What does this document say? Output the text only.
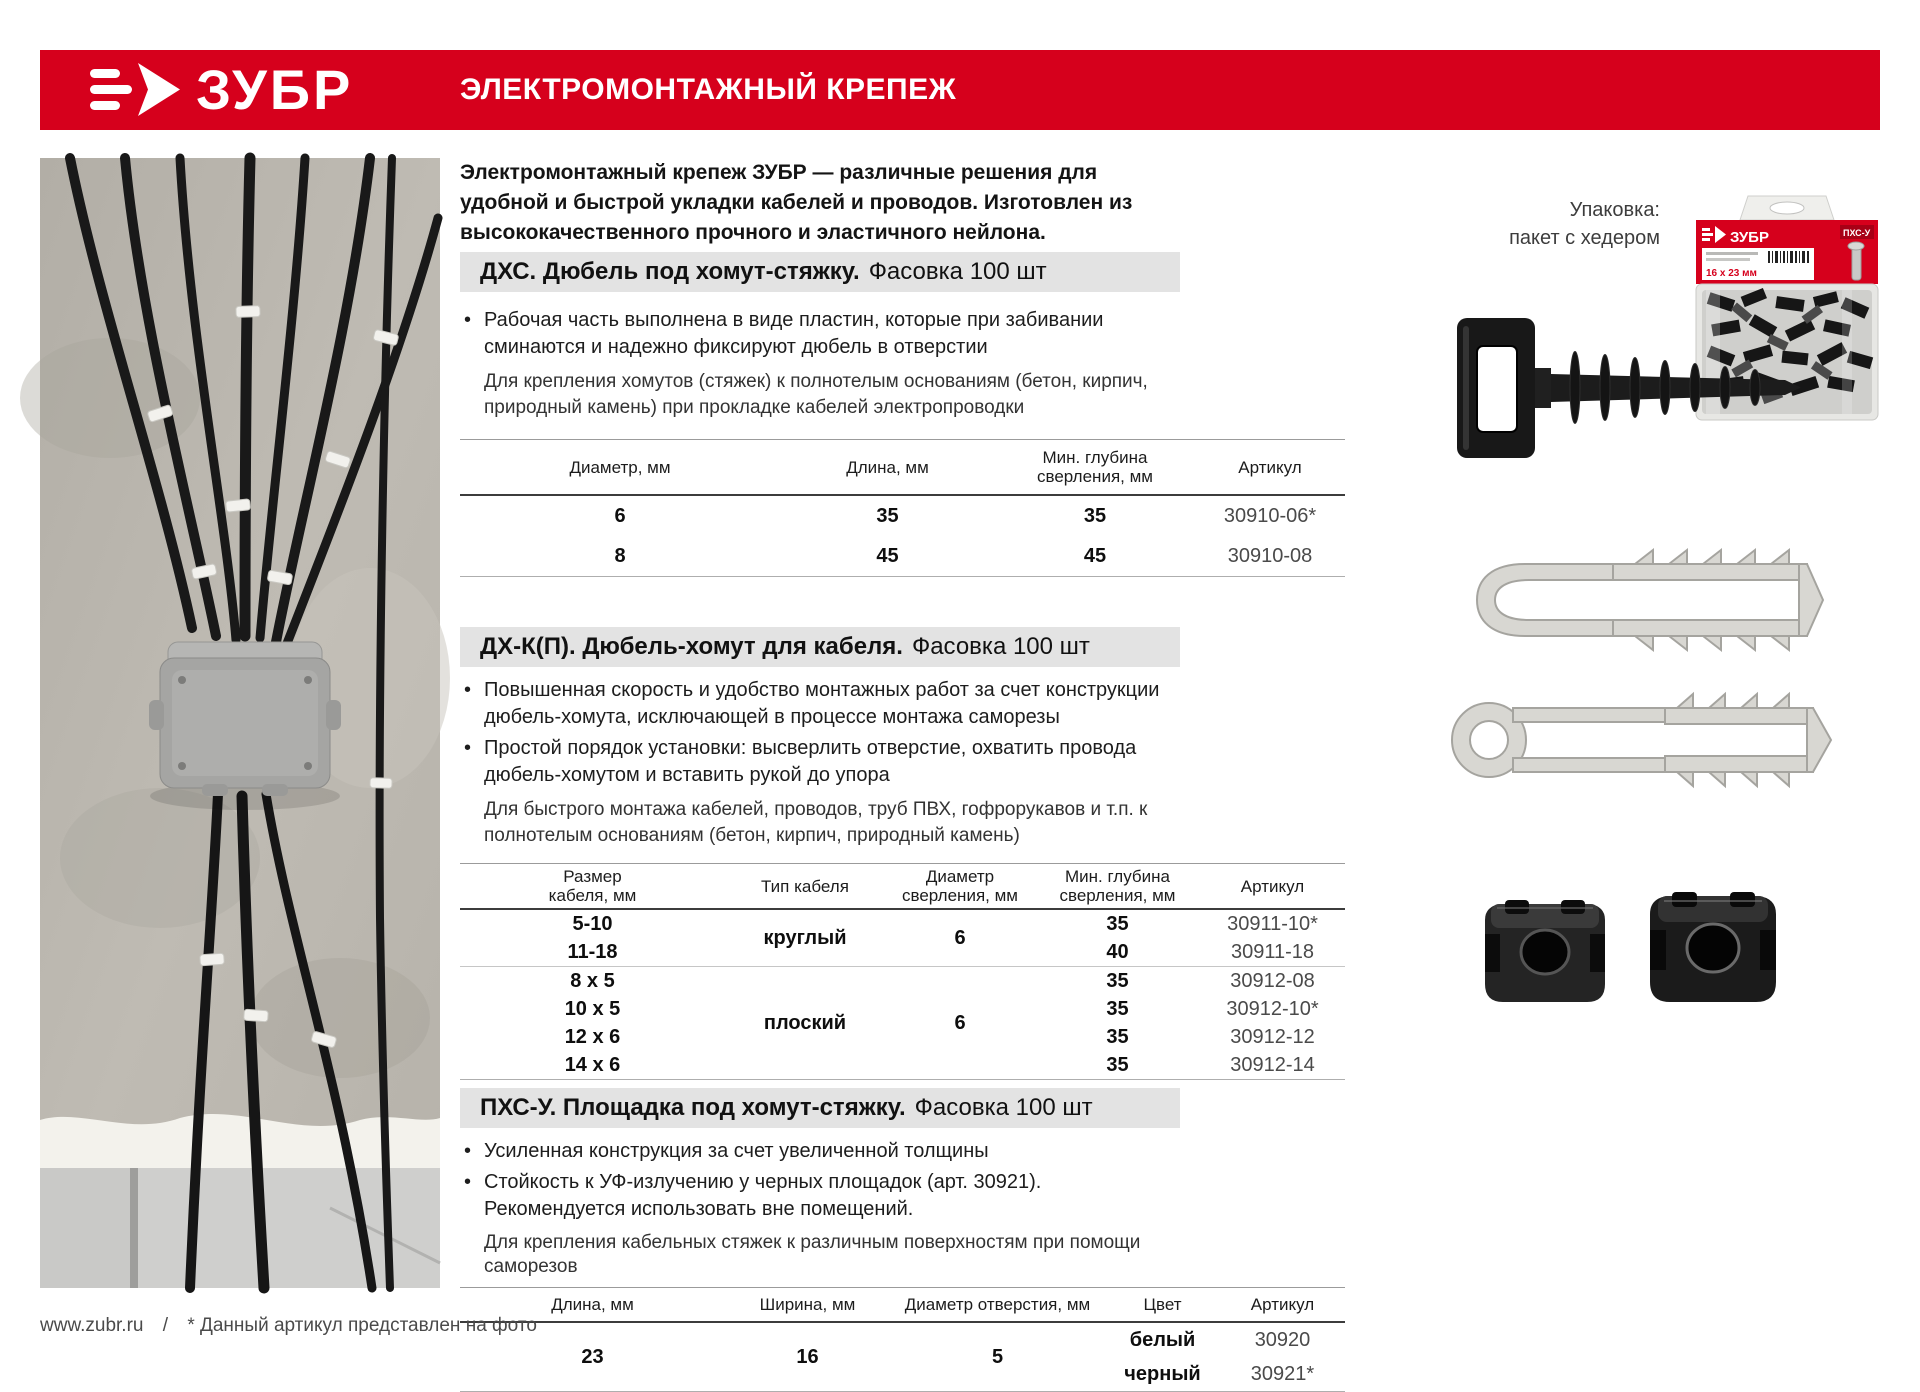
ЗУБР	ЭЛЕКТРОМОНТАЖНЫЙ КРЕПЕЖ
Электромонтажный крепеж ЗУБР — различные решения для удобной и быстрой укладки кабелей и проводов. Изготовлен из высококачественного прочного и эластичного нейлона.
ДХС. Дюбель под хомут-стяжку. Фасовка 100 шт
• Рабочая часть выполнена в виде пластин, которые при забивании сминаются и надежно фиксируют дюбель в отверстии
Для крепления хомутов (стяжек) к полнотелым основаниям (бетон, кирпич, природный камень) при прокладке кабелей электропроводки
Диаметр, мм	Длина, мм	Мин. глубина сверления, мм	Артикул
6	35	35	30910-06*
8	45	45	30910-08
ДХ-К(П). Дюбель-хомут для кабеля. Фасовка 100 шт
• Повышенная скорость и удобство монтажных работ за счет конструкции дюбель-хомута, исключающей в процессе монтажа саморезы
• Простой порядок установки: высверлить отверстие, охватить провода дюбель-хомутом и вставить рукой до упора
Для быстрого монтажа кабелей, проводов, труб ПВХ, гофрорукавов и т.п. к полнотелым основаниям (бетон, кирпич, природный камень)
Размер кабеля, мм	Тип кабеля	Диаметр сверления, мм	Мин. глубина сверления, мм	Артикул
5-10	круглый	6	35	30911-10*
11-18			40	30911-18
8 x 5	плоский	6	35	30912-08
10 x 5			35	30912-10*
12 x 6			35	30912-12
14 x 6			35	30912-14
ПХС-У. Площадка под хомут-стяжку. Фасовка 100 шт
• Усиленная конструкция за счет увеличенной толщины
• Стойкость к УФ-излучению у черных площадок (арт. 30921). Рекомендуется использовать вне помещений.
Для крепления кабельных стяжек к различным поверхностям при помощи саморезов
Длина, мм	Ширина, мм	Диаметр отверстия, мм	Цвет	Артикул
23	16	5	белый	30920
			черный	30921*
Упаковка:
пакет с хедером	ЗУБР	ПХС-У
16 x 23 мм
www.zubr.ru / * Данный артикул представлен на фото
